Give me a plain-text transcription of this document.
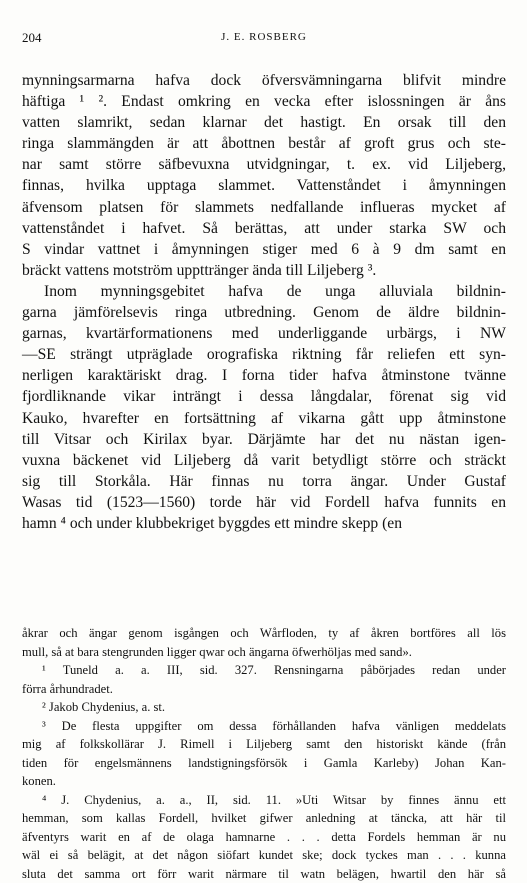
204	J. E. ROSBERG
mynningsarmarna hafva dock öfversvämningarna blifvit mindre
häftiga ¹ ². Endast omkring en vecka efter islossningen är åns
vatten slamrikt, sedan klarnar det hastigt. En orsak till den
ringa slammängden är att åbottnen består af groft grus och ste-
nar samt större säfbevuxna utvidgningar, t. ex. vid Liljeberg,
finnas, hvilka upptaga slammet. Vattenståndet i åmynningen
äfvensom platsen för slammets nedfallande influeras mycket af
vattenståndet i hafvet. Så berättas, att under starka SW och
S vindar vattnet i åmynningen stiger med 6 à 9 dm samt en
bräckt vattens motström uppttränger ända till Liljeberg ³.
Inom mynningsgebitet hafva de unga alluviala bildnin-
garna jämförelsevis ringa utbredning. Genom de äldre bildnin-
garnas, kvartärformationens med underliggande urbärgs, i NW
—SE strängt utpräglade orografiska riktning får reliefen ett syn-
nerligen karaktäriskt drag. I forna tider hafva åtminstone tvänne
fjordliknande vikar inträngt i dessa långdalar, förenat sig vid
Kauko, hvarefter en fortsättning af vikarna gått upp åtminstone
till Vitsar och Kirilax byar. Därjämte har det nu nästan igen-
vuxna bäckenet vid Liljeberg då varit betydligt större och sträckt
sig till Storkåla. Här finnas nu torra ängar. Under Gustaf
Wasas tid (1523—1560) torde här vid Fordell hafva funnits en
hamn ⁴ och under klubbekriget byggdes ett mindre skepp (en
åkrar och ängar genom isgången och Wårfloden, ty af åkren bortföres all lös
mull, så at bara stengrunden ligger qwar och ängarna öfwerhöljas med sand».
¹ Tuneld a. a. III, sid. 327. Rensningarna påbörjades redan under
förra århundradet.
² Jakob Chydenius, a. st.
³ De flesta uppgifter om dessa förhållanden hafva vänligen meddelats
mig af folkskollärar J. Rimell i Liljeberg samt den historiskt kände (från
tiden för engelsmännens landstigningsförsök i Gamla Karleby) Johan Kan-
konen.
⁴ J. Chydenius, a. a., II, sid. 11. »Uti Witsar by finnes ännu ett
hemman, som kallas Fordell, hvilket gifwer anledning at täncka, att här til
äfventyrs warit en af de olaga hamnarne . . . detta Fordels hemman är nu
wäl ei så belägit, at det någon siöfart kundet ske; dock tyckes man . . . kunna
sluta det samma ort förr warit närmare til watn belägen, hwartil den här så
